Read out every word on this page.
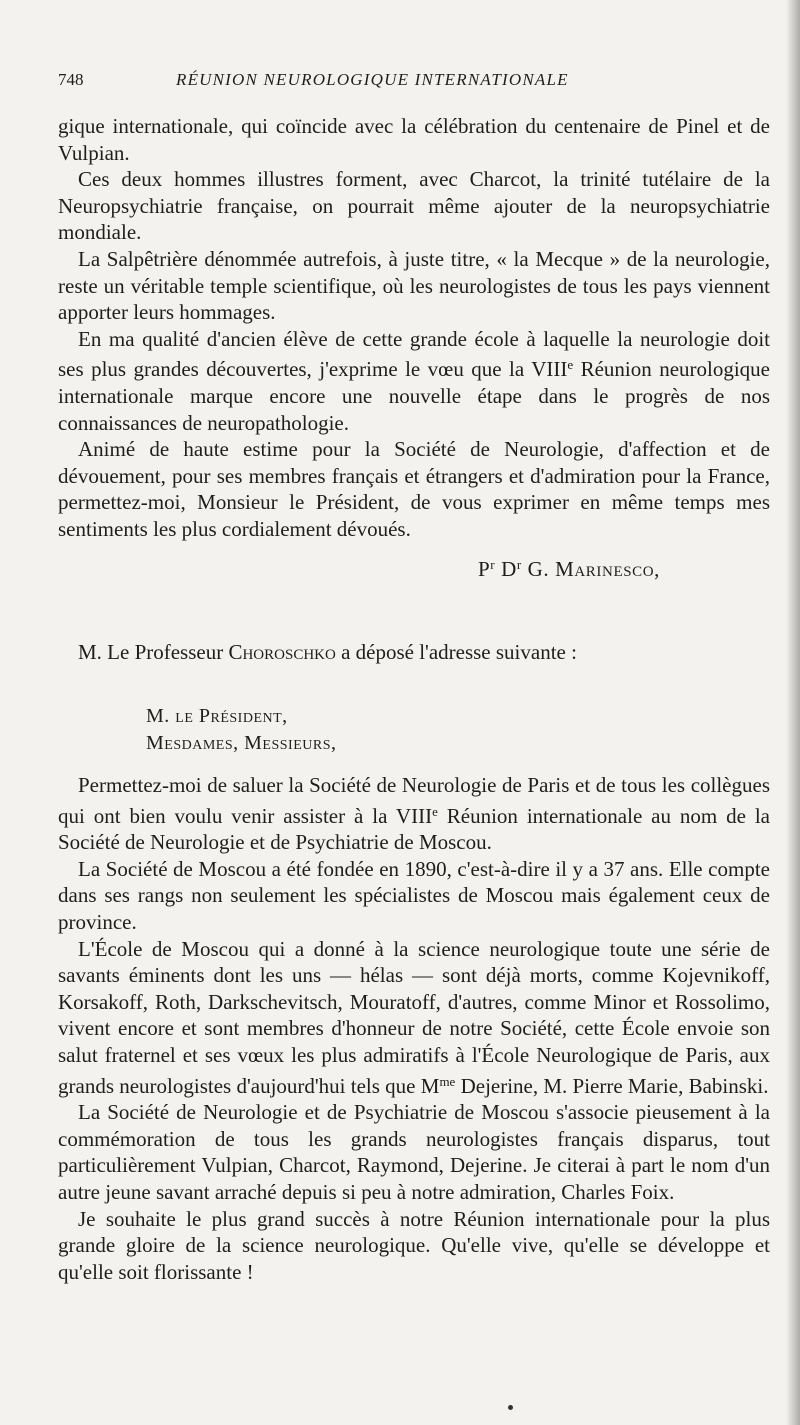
748	RÉUNION NEUROLOGIQUE INTERNATIONALE

gique internationale, qui coïncide avec la célébration du centenaire de Pinel et de Vulpian.

Ces deux hommes illustres forment, avec Charcot, la trinité tutélaire de la Neuropsychiatrie française, on pourrait même ajouter de la neuropsychiatrie mondiale.

La Salpêtrière dénommée autrefois, à juste titre, « la Mecque » de la neurologie, reste un véritable temple scientifique, où les neurologistes de tous les pays viennent apporter leurs hommages.

En ma qualité d'ancien élève de cette grande école à laquelle la neurologie doit ses plus grandes découvertes, j'exprime le vœu que la VIIIe Réunion neurologique internationale marque encore une nouvelle étape dans le progrès de nos connaissances de neuropathologie.

Animé de haute estime pour la Société de Neurologie, d'affection et de dévouement, pour ses membres français et étrangers et d'admiration pour la France, permettez-moi, Monsieur le Président, de vous exprimer en même temps mes sentiments les plus cordialement dévoués.

$P^r$ $D^r$ G. Marinesco,
M. Le Professeur Choroschko a déposé l'adresse suivante :
M. le Président,
Mesdames, Messieurs,

Permettez-moi de saluer la Société de Neurologie de Paris et de tous les collègues qui ont bien voulu venir assister à la VIIIe Réunion internationale au nom de la Société de Neurologie et de Psychiatrie de Moscou.

La Société de Moscou a été fondée en 1890, c'est-à-dire il y a 37 ans. Elle compte dans ses rangs non seulement les spécialistes de Moscou mais également ceux de province.

L'École de Moscou qui a donné à la science neurologique toute une série de savants éminents dont les uns — hélas — sont déjà morts, comme Kojevnikoff, Korsakoff, Roth, Darkschevitsch, Mouratoff, d'autres, comme Minor et Rossolimo, vivent encore et sont membres d'honneur de notre Société, cette École envoie son salut fraternel et ses vœux les plus admiratifs à l'École Neurologique de Paris, aux grands neurologistes d'aujourd'hui tels que $M^{me}$ Dejerine, M. Pierre Marie, Babinski.

La Société de Neurologie et de Psychiatrie de Moscou s'associe pieusement à la commémoration de tous les grands neurologistes français disparus, tout particulièrement Vulpian, Charcot, Raymond, Dejerine. Je citerai à part le nom d'un autre jeune savant arraché depuis si peu à notre admiration, Charles Foix.

Je souhaite le plus grand succès à notre Réunion internationale pour la plus grande gloire de la science neurologique. Qu'elle vive, qu'elle se développe et qu'elle soit florissante !
